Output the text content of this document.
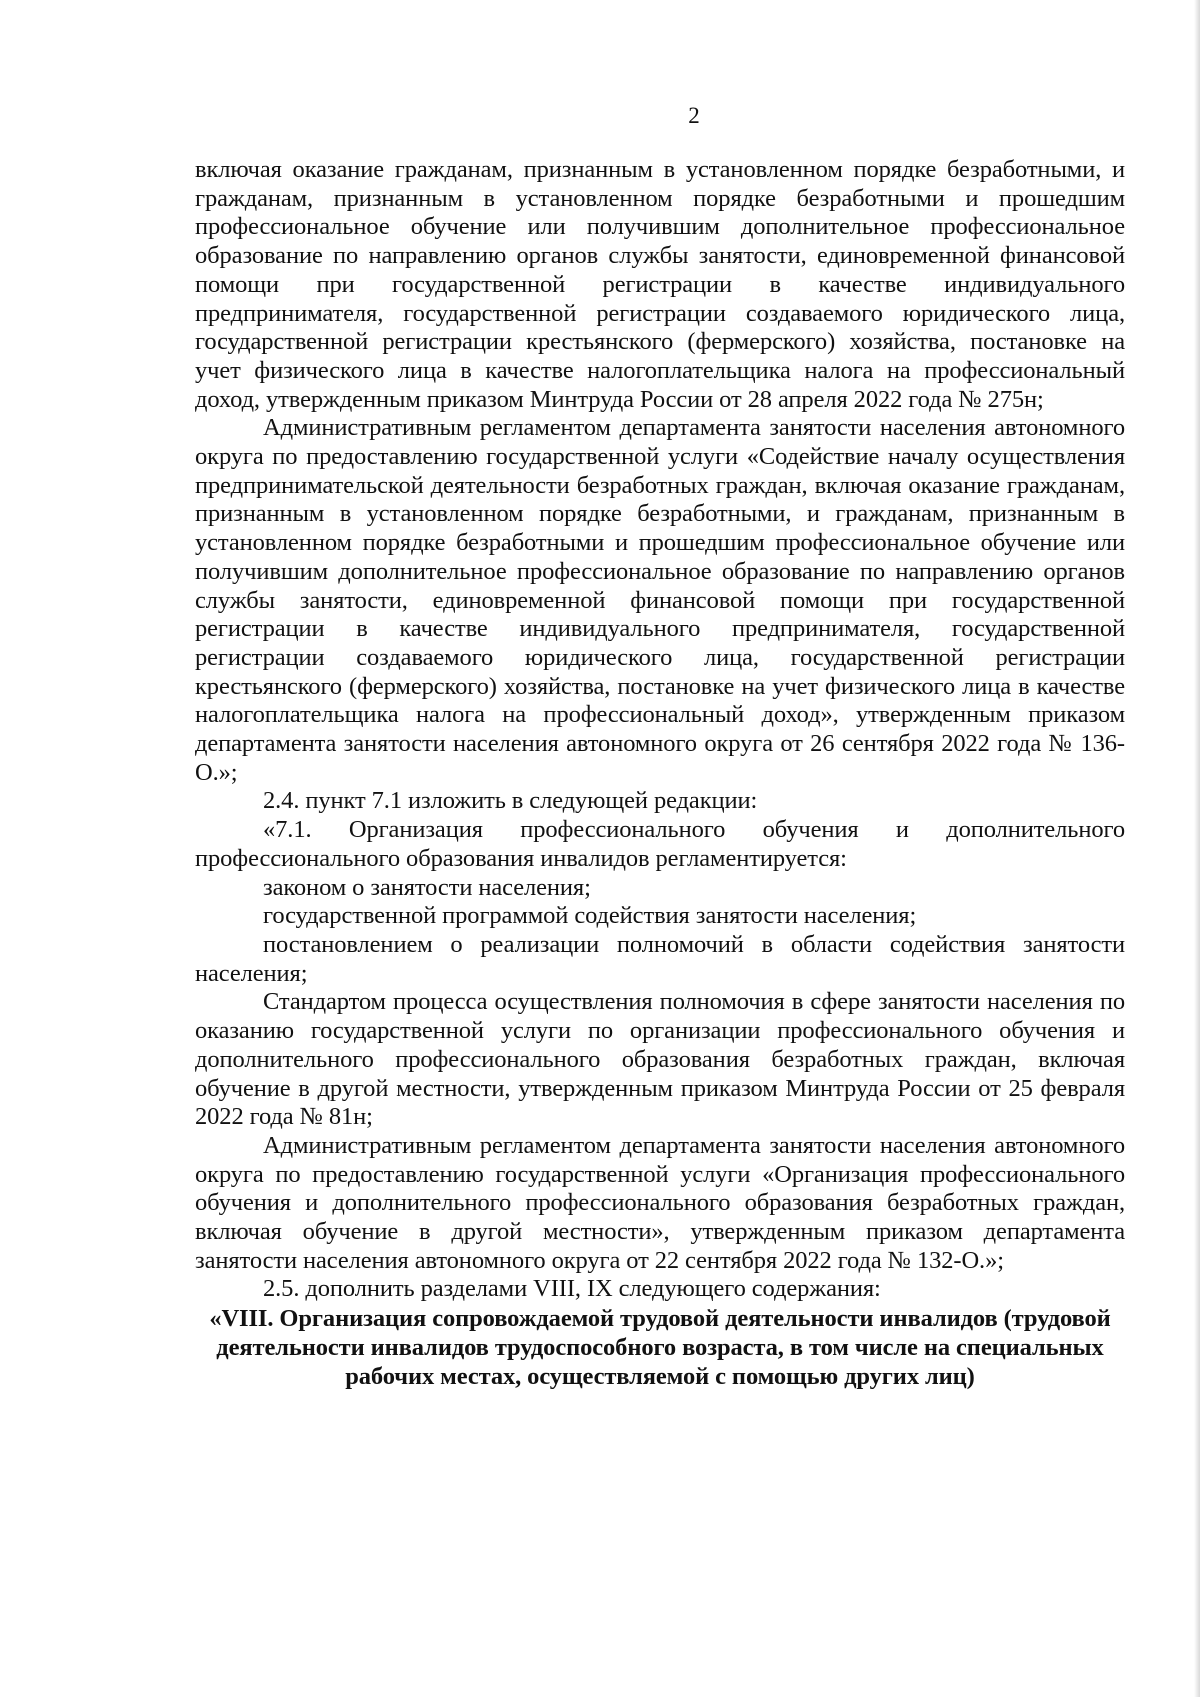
2

включая оказание гражданам, признанным в установленном порядке безработными, и гражданам, признанным в установленном порядке безработными и прошедшим профессиональное обучение или получившим дополнительное профессиональное образование по направлению органов службы занятости, единовременной финансовой помощи при государственной регистрации в качестве индивидуального предпринимателя, государственной регистрации создаваемого юридического лица, государственной регистрации крестьянского (фермерского) хозяйства, постановке на учет физического лица в качестве налогоплательщика налога на профессиональный доход, утвержденным приказом Минтруда России от 28 апреля 2022 года № 275н;

Административным регламентом департамента занятости населения автономного округа по предоставлению государственной услуги «Содействие началу осуществления предпринимательской деятельности безработных граждан, включая оказание гражданам, признанным в установленном порядке безработными, и гражданам, признанным в установленном порядке безработными и прошедшим профессиональное обучение или получившим дополнительное профессиональное образование по направлению органов службы занятости, единовременной финансовой помощи при государственной регистрации в качестве индивидуального предпринимателя, государственной регистрации создаваемого юридического лица, государственной регистрации крестьянского (фермерского) хозяйства, постановке на учет физического лица в качестве налогоплательщика налога на профессиональный доход», утвержденным приказом департамента занятости населения автономного округа от 26 сентября 2022 года № 136-О.»;

2.4. пункт 7.1 изложить в следующей редакции:

«7.1. Организация профессионального обучения и дополнительного профессионального образования инвалидов регламентируется:

законом о занятости населения;

государственной программой содействия занятости населения;

постановлением о реализации полномочий в области содействия занятости населения;

Стандартом процесса осуществления полномочия в сфере занятости населения по оказанию государственной услуги по организации профессионального обучения и дополнительного профессионального образования безработных граждан, включая обучение в другой местности, утвержденным приказом Минтруда России от 25 февраля 2022 года № 81н;

Административным регламентом департамента занятости населения автономного округа по предоставлению государственной услуги «Организация профессионального обучения и дополнительного профессионального образования безработных граждан, включая обучение в другой местности», утвержденным приказом департамента занятости населения автономного округа от 22 сентября 2022 года № 132-О.»;

2.5. дополнить разделами VIII, IX следующего содержания:

«VIII. Организация сопровождаемой трудовой деятельности инвалидов (трудовой деятельности инвалидов трудоспособного возраста, в том числе на специальных рабочих местах, осуществляемой с помощью других лиц)
